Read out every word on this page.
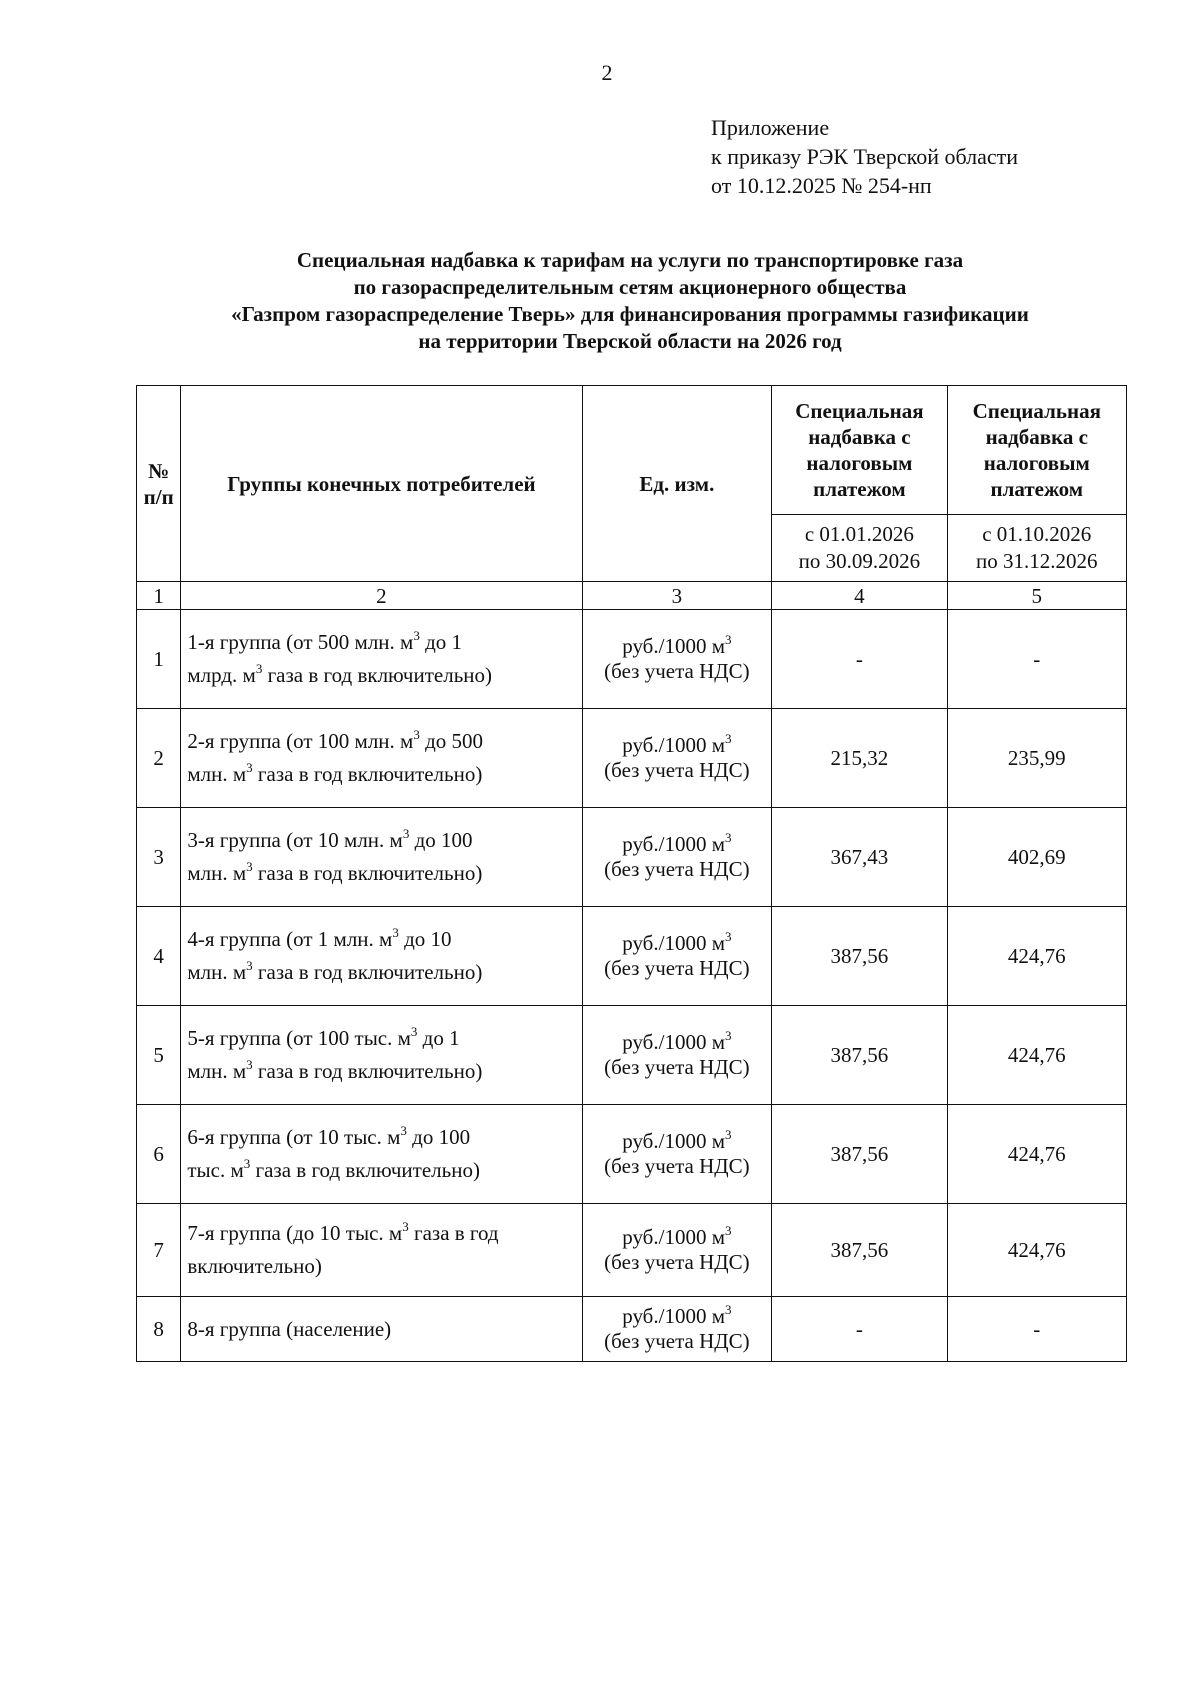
2
Приложение
к приказу РЭК Тверской области
от 10.12.2025 № 254-нп
Специальная надбавка к тарифам на услуги по транспортировке газа
по газораспределительным сетям акционерного общества
«Газпром газораспределение Тверь» для финансирования программы газификации
на территории Тверской области на 2026 год
№
п/п	Группы конечных потребителей	Ед. изм.	Специальная
надбавка с
налоговым
платежом	Специальная
надбавка с
налоговым
платежом

			с 01.01.2026
по 30.09.2026	с 01.10.2026
по 31.12.2026

1	2	3	4	5
1	1-я группа (от 500 млн. $м^3$ до 1
млрд. $м^3$ газа в год включительно)	руб./1000 $м^3$
(без учета НДС)	-	-
2	2-я группа (от 100 млн. $м^3$ до 500
млн. $м^3$ газа в год включительно)	руб./1000 $м^3$
(без учета НДС)	215,32	235,99
3	3-я группа (от 10 млн. $м^3$ до 100
млн. $м^3$ газа в год включительно)	руб./1000 $м^3$
(без учета НДС)	367,43	402,69
4	4-я группа (от 1 млн. $м^3$ до 10
млн. $м^3$ газа в год включительно)	руб./1000 $м^3$
(без учета НДС)	387,56	424,76
5	5-я группа (от 100 тыс. $м^3$ до 1
млн. $м^3$ газа в год включительно)	руб./1000 $м^3$
(без учета НДС)	387,56	424,76
6	6-я группа (от 10 тыс. $м^3$ до 100
тыс. $м^3$ газа в год включительно)	руб./1000 $м^3$
(без учета НДС)	387,56	424,76
7	7-я группа (до 10 тыс. $м^3$ газа в год
включительно)	руб./1000 $м^3$
(без учета НДС)	387,56	424,76
8	8-я группа (население)	руб./1000 $м^3$
(без учета НДС)	-	-
